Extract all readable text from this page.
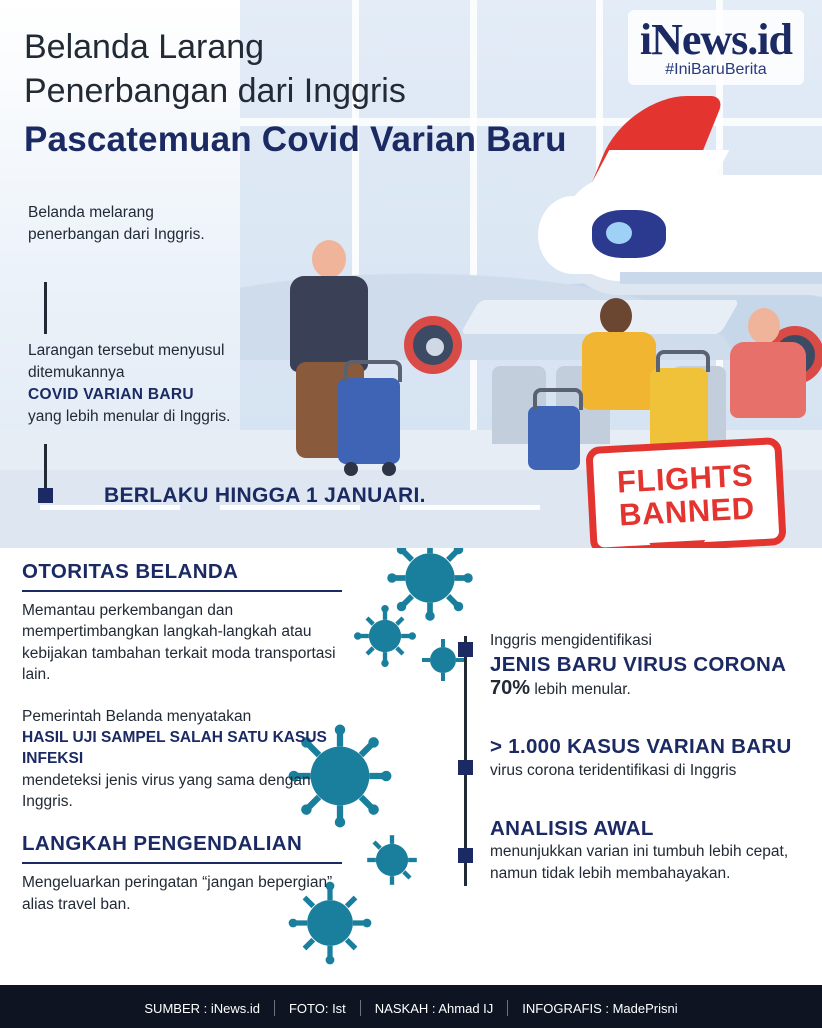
iNews.id
#IniBaruBerita
Belanda Larang
Penerbangan dari Inggris
Pascatemuan Covid Varian Baru

Belanda melarang penerbangan dari Inggris.

Larangan tersebut menyusul ditemukannya

COVID VARIAN BARU

yang lebih menular di Inggris.

BERLAKU HINGGA 1 JANUARI.	FLIGHTS
BANNED
OTORITAS BELANDA

Memantau perkembangan dan mempertimbangkan langkah-langkah atau kebijakan tambahan terkait moda transportasi lain.

Pemerintah Belanda menyatakan

HASIL UJI SAMPEL SALAH SATU KASUS INFEKSI

mendeteksi jenis virus yang sama dengan Inggris.

LANGKAH PENGENDALIAN

Mengeluarkan peringatan “jangan bepergian” alias travel ban.

Inggris mengidentifikasi
JENIS BARU VIRUS CORONA
70% lebih menular.
> 1.000 KASUS VARIAN BARU
virus corona teridentifikasi di Inggris
ANALISIS AWAL
menunjukkan varian ini tumbuh lebih cepat, namun tidak lebih membahayakan.
SUMBER : iNews.id	FOTO: Ist	NASKAH : Ahmad IJ	INFOGRAFIS : MadePrisni
